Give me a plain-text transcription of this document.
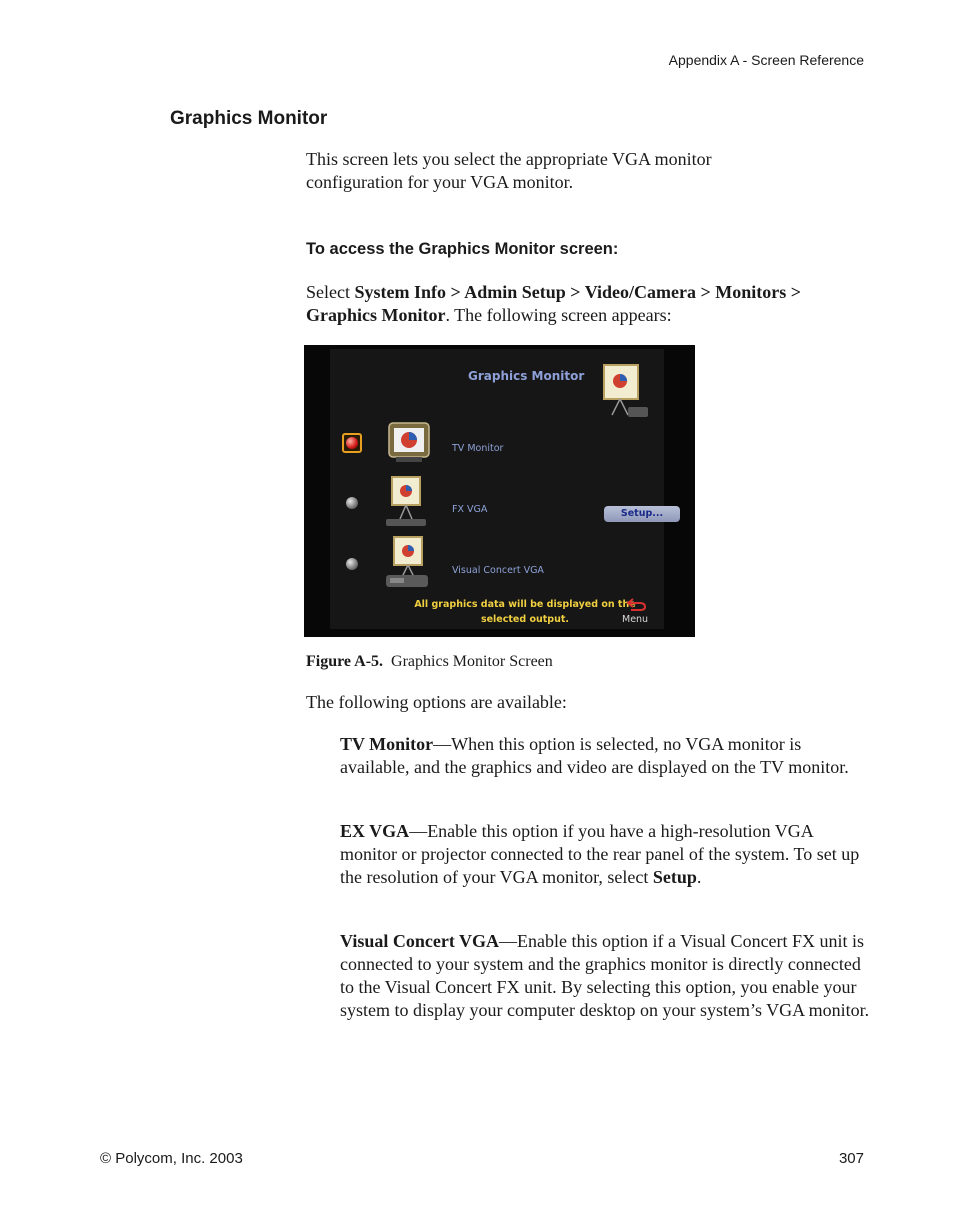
Appendix A - Screen Reference
Graphics Monitor
This screen lets you select the appropriate VGA monitor configuration for your VGA monitor.
To access the Graphics Monitor screen:
Select System Info > Admin Setup > Video/Camera > Monitors > Graphics Monitor. The following screen appears:
Graphics Monitor
TV Monitor
FX VGA	Setup...
Visual Concert VGA
All graphics data will be displayed on the
selected output.	Menu
Figure A-5. Graphics Monitor Screen
The following options are available:
TV Monitor—When this option is selected, no VGA monitor is available, and the graphics and video are displayed on the TV monitor.
EX VGA—Enable this option if you have a high-resolution VGA monitor or projector connected to the rear panel of the system. To set up the resolution of your VGA monitor, select Setup.
Visual Concert VGA—Enable this option if a Visual Concert FX unit is connected to your system and the graphics monitor is directly connected to the Visual Concert FX unit. By selecting this option, you enable your system to display your computer desktop on your system’s VGA monitor.
© Polycom, Inc. 2003	307
